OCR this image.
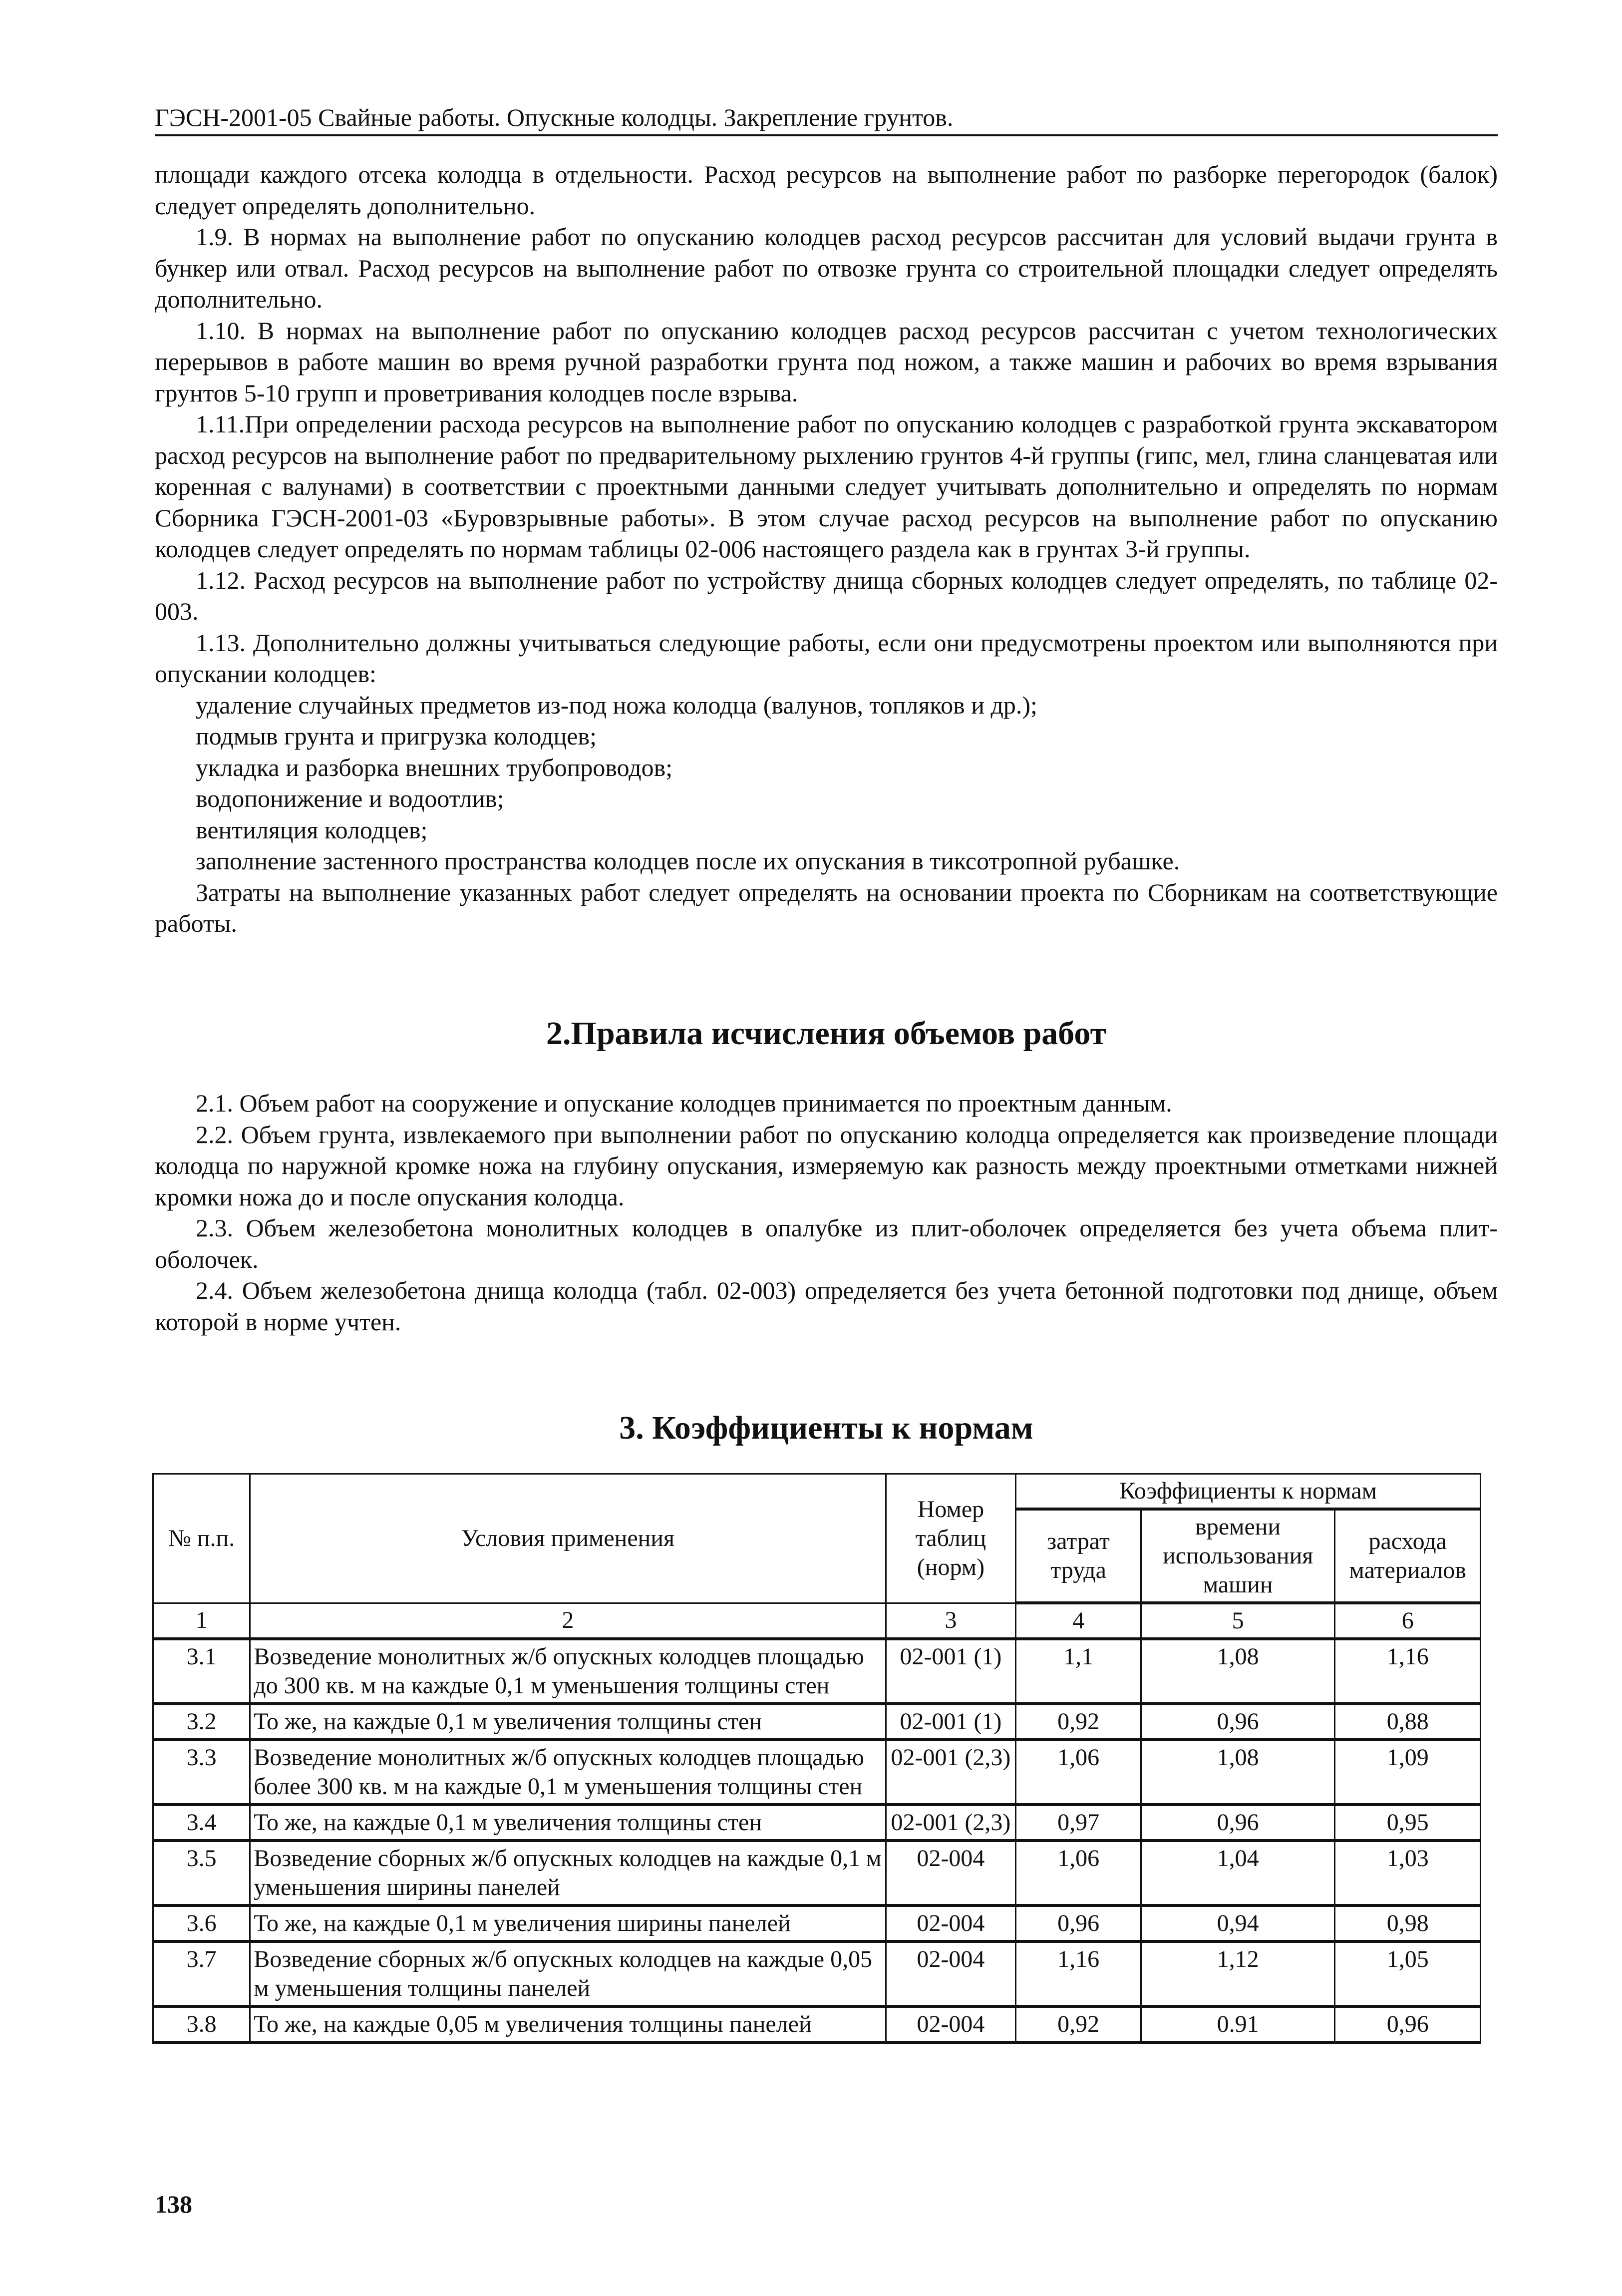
ГЭСН-2001-05 Свайные работы. Опускные колодцы. Закрепление грунтов.

площади каждого отсека колодца в отдельности. Расход ресурсов на выполнение работ по разборке перегородок (балок) следует определять дополнительно.

1.9. В нормах на выполнение работ по опусканию колодцев расход ресурсов рассчитан для условий выдачи грунта в бункер или отвал. Расход ресурсов на выполнение работ по отвозке грунта со строительной площадки следует определять дополнительно.

1.10. В нормах на выполнение работ по опусканию колодцев расход ресурсов рассчитан с учетом технологических перерывов в работе машин во время ручной разработки грунта под ножом, а также машин и рабочих во время взрывания грунтов 5-10 групп и проветривания колодцев после взрыва.

1.11.При определении расхода ресурсов на выполнение работ по опусканию колодцев с разработкой грунта экскаватором расход ресурсов на выполнение работ по предварительному рыхлению грунтов 4-й группы (гипс, мел, глина сланцеватая или коренная с валунами) в соответствии с проектными данными следует учитывать дополнительно и определять по нормам Сборника ГЭСН-2001-03 «Буровзрывные работы». В этом случае расход ресурсов на выполнение работ по опусканию колодцев следует определять по нормам таблицы 02-006 настоящего раздела как в грунтах 3-й группы.

1.12. Расход ресурсов на выполнение работ по устройству днища сборных колодцев следует определять, по таблице 02-003.

1.13. Дополнительно должны учитываться следующие работы, если они предусмотрены проектом или выполняются при опускании колодцев:

удаление случайных предметов из-под ножа колодца (валунов, топляков и др.);

подмыв грунта и пригрузка колодцев;

укладка и разборка внешних трубопроводов;

водопонижение и водоотлив;

вентиляция колодцев;

заполнение застенного пространства колодцев после их опускания в тиксотропной рубашке.

Затраты на выполнение указанных работ следует определять на основании проекта по Сборникам на соответствующие работы.

2.Правила исчисления объемов работ

2.1. Объем работ на сооружение и опускание колодцев принимается по проектным данным.

2.2. Объем грунта, извлекаемого при выполнении работ по опусканию колодца определяется как произведение площади колодца по наружной кромке ножа на глубину опускания, измеряемую как разность между проектными отметками нижней кромки ножа до и после опускания колодца.

2.3. Объем железобетона монолитных колодцев в опалубке из плит-оболочек определяется без учета объема плит-оболочек.

2.4. Объем железобетона днища колодца (табл. 02-003) определяется без учета бетонной подготовки под днище, объем которой в норме учтен.

3. Коэффициенты к нормам
№ п.п.	Условия применения	Номер таблиц (норм)	Коэффициенты к нормам		
			затрат труда	времени использования машин	расхода материалов
1	2	3	4	5	6
3.1	Возведение монолитных ж/б опускных колодцев площадью до 300 кв. м на каждые 0,1 м уменьшения толщины стен	02-001 (1)	1,1	1,08	1,16
3.2	То же, на каждые 0,1 м увеличения толщины стен	02-001 (1)	0,92	0,96	0,88
3.3	Возведение монолитных ж/б опускных колодцев площадью более 300 кв. м на каждые 0,1 м уменьшения толщины стен	02-001 (2,3)	1,06	1,08	1,09
3.4	То же, на каждые 0,1 м увеличения толщины стен	02-001 (2,3)	0,97	0,96	0,95
3.5	Возведение сборных ж/б опускных колодцев на каждые 0,1 м уменьшения ширины панелей	02-004	1,06	1,04	1,03
3.6	То же, на каждые 0,1 м увеличения ширины панелей	02-004	0,96	0,94	0,98
3.7	Возведение сборных ж/б опускных колодцев на каждые 0,05 м уменьшения толщины панелей	02-004	1,16	1,12	1,05
3.8	То же, на каждые 0,05 м увеличения толщины панелей	02-004	0,92	0.91	0,96
138
